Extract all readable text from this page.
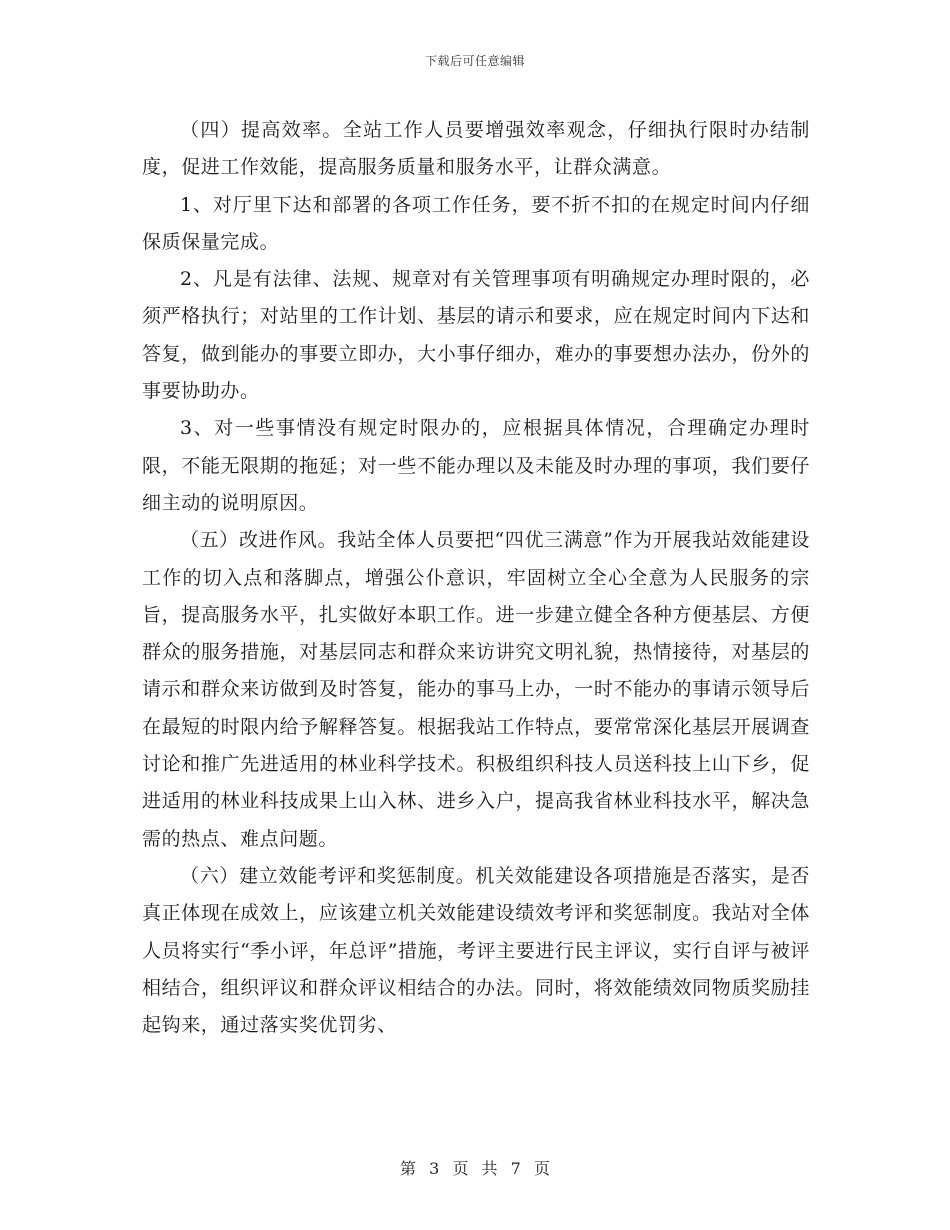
下载后可任意编辑

（四）提高效率。全站工作人员要增强效率观念，仔细执行限时办结制度，促进工作效能，提高服务质量和服务水平，让群众满意。

1、对厅里下达和部署的各项工作任务，要不折不扣的在规定时间内仔细保质保量完成。

2、凡是有法律、法规、规章对有关管理事项有明确规定办理时限的，必须严格执行；对站里的工作计划、基层的请示和要求，应在规定时间内下达和答复，做到能办的事要立即办，大小事仔细办，难办的事要想办法办，份外的事要协助办。

3、对一些事情没有规定时限办的，应根据具体情况，合理确定办理时限，不能无限期的拖延；对一些不能办理以及未能及时办理的事项，我们要仔细主动的说明原因。

（五）改进作风。我站全体人员要把“四优三满意”作为开展我站效能建设工作的切入点和落脚点，增强公仆意识，牢固树立全心全意为人民服务的宗旨，提高服务水平，扎实做好本职工作。进一步建立健全各种方便基层、方便群众的服务措施，对基层同志和群众来访讲究文明礼貌，热情接待，对基层的请示和群众来访做到及时答复，能办的事马上办，一时不能办的事请示领导后在最短的时限内给予解释答复。根据我站工作特点，要常常深化基层开展调查讨论和推广先进适用的林业科学技术。积极组织科技人员送科技上山下乡，促进适用的林业科技成果上山入林、进乡入户，提高我省林业科技水平，解决急需的热点、难点问题。

（六）建立效能考评和奖惩制度。机关效能建设各项措施是否落实，是否真正体现在成效上，应该建立机关效能建设绩效考评和奖惩制度。我站对全体人员将实行“季小评，年总评”措施，考评主要进行民主评议，实行自评与被评相结合，组织评议和群众评议相结合的办法。同时，将效能绩效同物质奖励挂起钩来，通过落实奖优罚劣、

第 3 页 共 7 页
